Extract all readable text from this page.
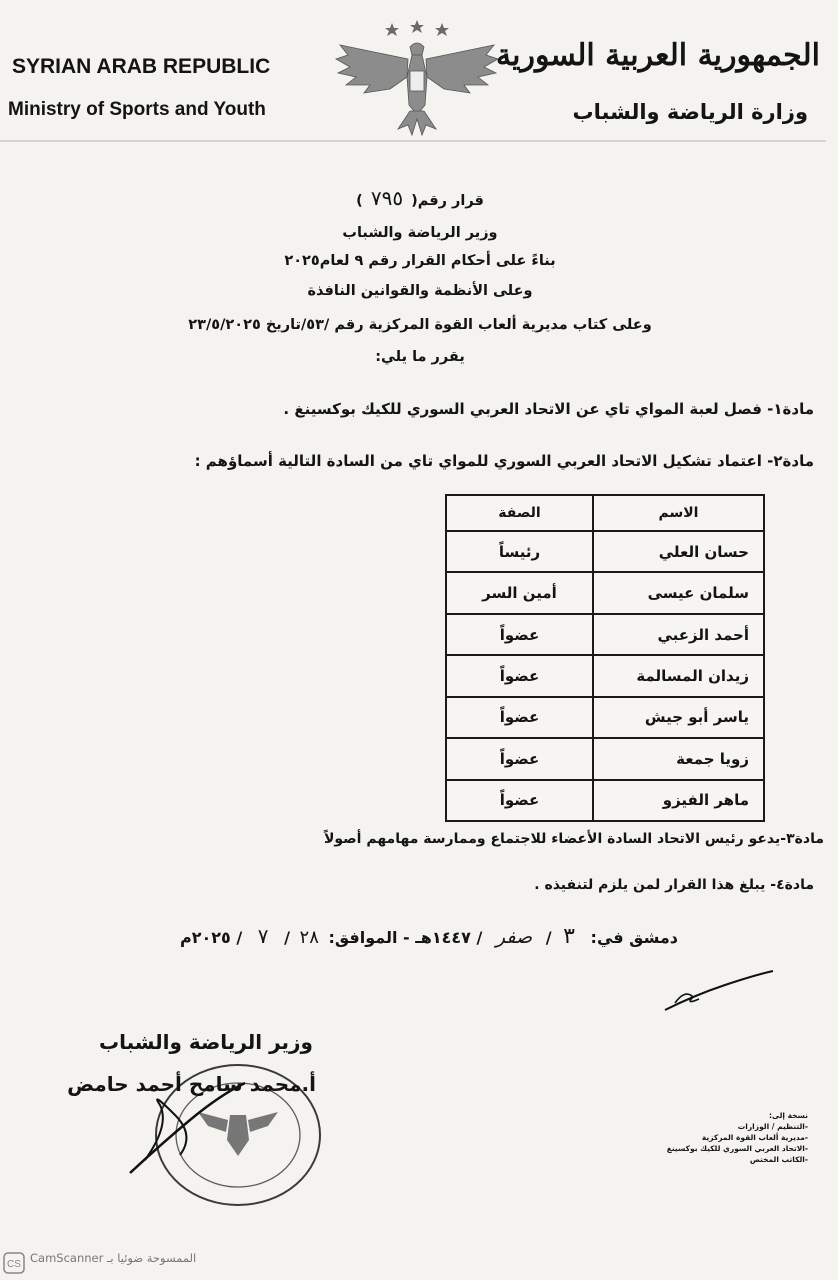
SYRIAN ARAB REPUBLIC
Ministry of Sports and Youth
الجمهورية العربية السورية
وزارة الرياضة والشباب
قرار رقم( ٧٩٥ )
وزير الرياضة والشباب
بناءً على أحكام القرار رقم ٩ لعام٢٠٢٥
وعلى الأنظمة والقوانين النافذة
وعلى كتاب مديرية ألعاب القوة المركزية رقم /٥٣/تاريخ ٢٣/٥/٢٠٢٥
يقرر ما يلي:
مادة١- فصل لعبة المواي تاي عن الاتحاد العربي السوري للكيك بوكسينغ .
مادة٢- اعتماد تشكيل الاتحاد العربي السوري للمواي تاي من السادة التالية أسماؤهم :
الاسم	الصفة
حسان العلي	رئيساً
سلمان عيسى	أمين السر
أحمد الزعبي	عضواً
زيدان المسالمة	عضواً
ياسر أبو جيش	عضواً
زويا جمعة	عضواً
ماهر الفيزو	عضواً
مادة٣-يدعو رئيس الاتحاد السادة الأعضاء للاجتماع وممارسة مهامهم أصولاً
مادة٤- يبلغ هذا القرار لمن يلزم لتنفيذه .
دمشق في: ٣ / صفر / ١٤٤٧هـ - الموافق: ٢٨ / ٧ / ٢٠٢٥م
وزير الرياضة والشباب
أ.محمد سامح أحمد حامض
نسخة إلى:
-التنظيم / الوزارات
-مديرية ألعاب القوة المركزية
-الاتحاد العربي السوري للكيك بوكسينغ
-الكاتب المختص
CS CamScanner الممسوحة ضوئيا بـ
